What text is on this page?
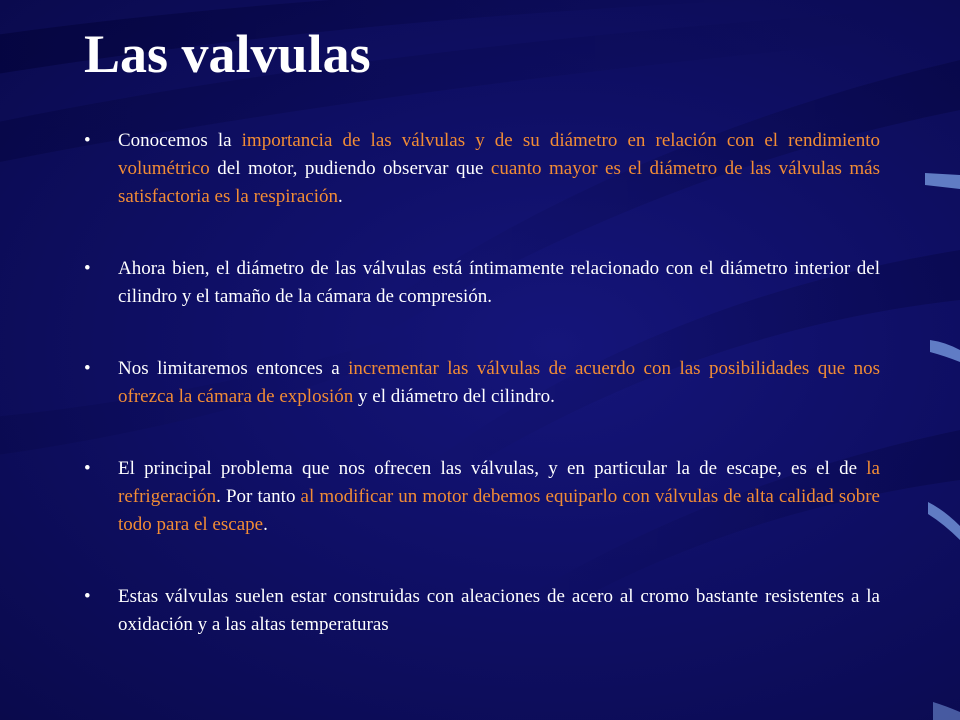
Las valvulas
• Conocemos la importancia de las válvulas y de su diámetro en relación con el rendimiento volumétrico del motor, pudiendo observar que cuanto mayor es el diámetro de las válvulas más satisfactoria es la respiración.
• Ahora bien, el diámetro de las válvulas está íntimamente relacionado con el diámetro interior del cilindro y el tamaño de la cámara de compresión.
• Nos limitaremos entonces a incrementar las válvulas de acuerdo con las posibilidades que nos ofrezca la cámara de explosión y el diámetro del cilindro.
• El principal problema que nos ofrecen las válvulas, y en particular la de escape, es el de la refrigeración. Por tanto al modificar un motor debemos equiparlo con válvulas de alta calidad sobre todo para el escape.
• Estas válvulas suelen estar construidas con aleaciones de acero al cromo bastante resistentes a la oxidación y a las altas temperaturas
